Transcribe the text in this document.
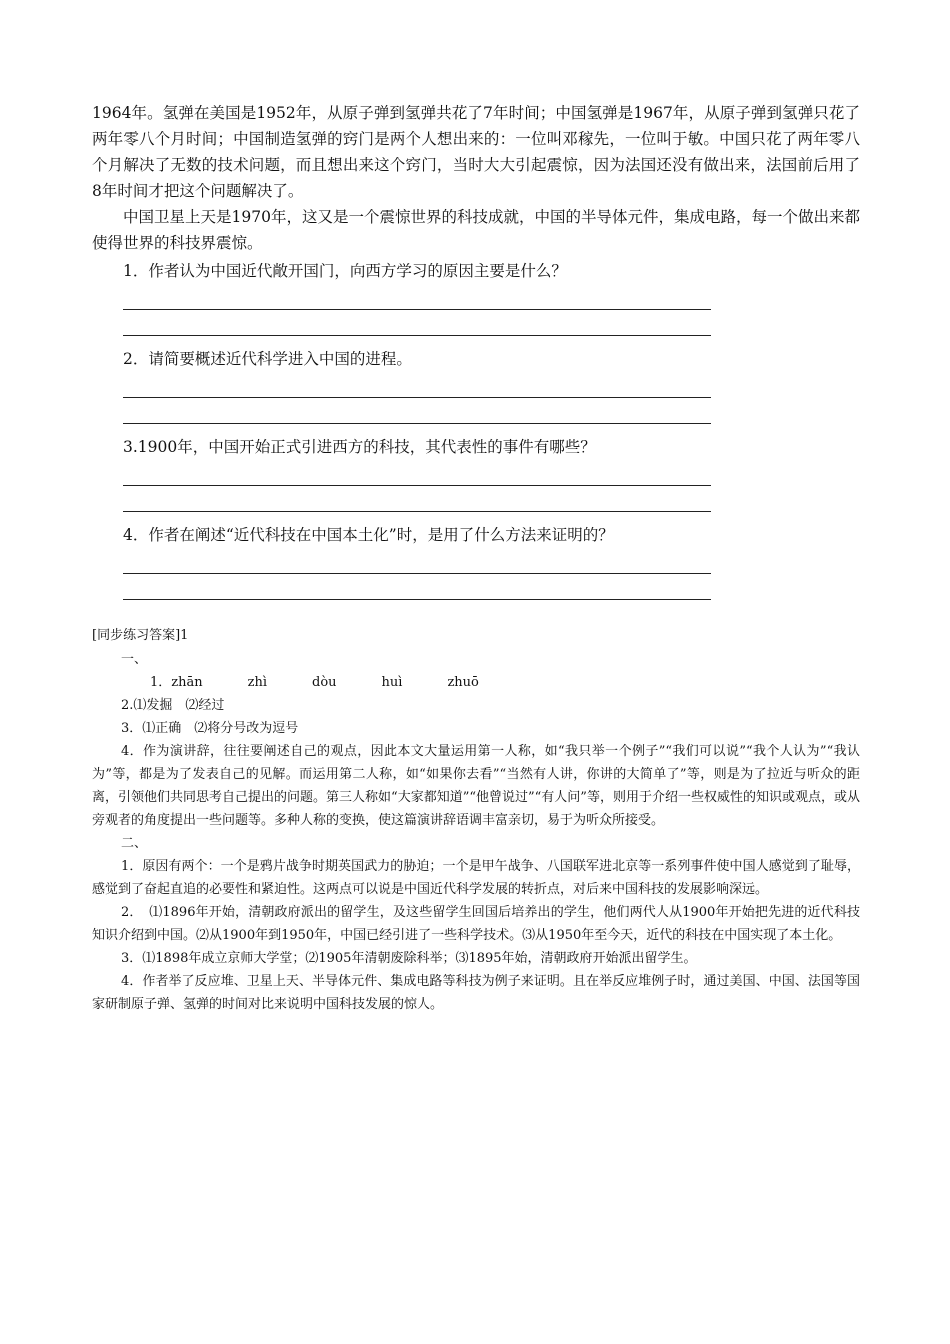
1964年。氢弹在美国是1952年，从原子弹到氢弹共花了7年时间；中国氢弹是1967年，从原子弹到氢弹只花了两年零八个月时间；中国制造氢弹的窍门是两个人想出来的：一位叫邓稼先，一位叫于敏。中国只花了两年零八个月解决了无数的技术问题，而且想出来这个窍门，当时大大引起震惊，因为法国还没有做出来，法国前后用了8年时间才把这个问题解决了。

中国卫星上天是1970年，这又是一个震惊世界的科技成就，中国的半导体元件，集成电路，每一个做出来都使得世界的科技界震惊。

1．作者认为中国近代敞开国门，向西方学习的原因主要是什么？

2．请简要概述近代科学进入中国的进程。

3.1900年，中国开始正式引进西方的科技，其代表性的事件有哪些？

4．作者在阐述“近代科技在中国本土化”时，是用了什么方法来证明的？

[同步练习答案]1

一、

1．zhān	zhì	dòu	huì	zhuō

2.⑴发掘　⑵经过

3．⑴正确　⑵将分号改为逗号

4．作为演讲辞，往往要阐述自己的观点，因此本文大量运用第一人称，如“我只举一个例子”“我们可以说”“我个人认为”“我认为”等，都是为了发表自己的见解。而运用第二人称，如“如果你去看”“当然有人讲，你讲的大简单了”等，则是为了拉近与听众的距离，引领他们共同思考自己提出的问题。第三人称如“大家都知道”“他曾说过”“有人问”等，则用于介绍一些权威性的知识或观点，或从旁观者的角度提出一些问题等。多种人称的变换，使这篇演讲辞语调丰富亲切，易于为听众所接受。

二、

1．原因有两个：一个是鸦片战争时期英国武力的胁迫；一个是甲午战争、八国联军进北京等一系列事件使中国人感觉到了耻辱，感觉到了奋起直追的必要性和紧迫性。这两点可以说是中国近代科学发展的转折点，对后来中国科技的发展影响深远。

2．　⑴1896年开始，清朝政府派出的留学生，及这些留学生回国后培养出的学生，他们两代人从1900年开始把先进的近代科技知识介绍到中国。⑵从1900年到1950年，中国已经引进了一些科学技术。⑶从1950年至今天，近代的科技在中国实现了本土化。

3．⑴1898年成立京师大学堂；⑵1905年清朝废除科举；⑶1895年始，清朝政府开始派出留学生。

4．作者举了反应堆、卫星上天、半导体元件、集成电路等科技为例子来证明。且在举反应堆例子时，通过美国、中国、法国等国家研制原子弹、氢弹的时间对比来说明中国科技发展的惊人。
